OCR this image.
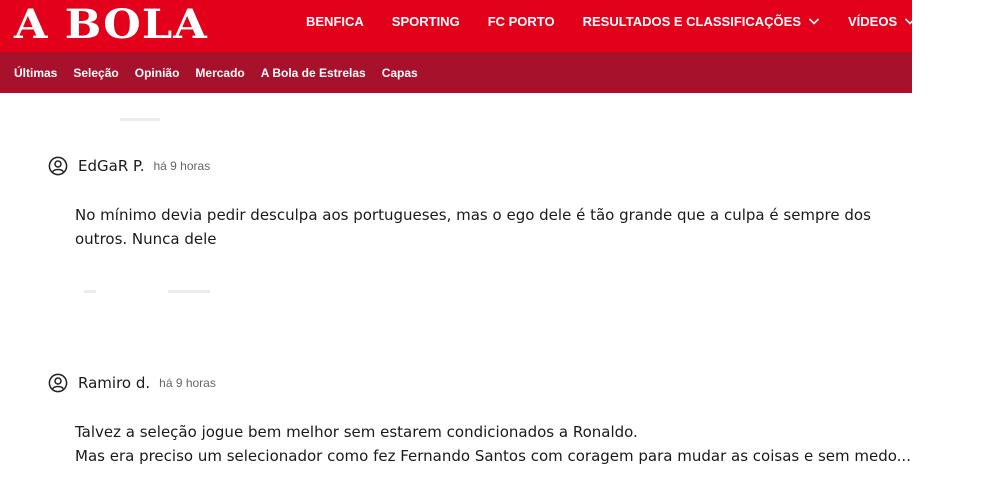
A BOLA	BENFICA SPORTING FC PORTO RESULTADOS E CLASSIFICAÇÕES	VÍDEOS	MO
Últimas Seleção Opinião Mercado A Bola de Estrelas Capas
EdGaR P. há 9 horas
No mínimo devia pedir desculpa aos portugueses, mas o ego dele é tão grande que a culpa é sempre dos
outros. Nunca dele
Ramiro d. há 9 horas
Talvez a seleção jogue bem melhor sem estarem condicionados a Ronaldo.
Mas era preciso um selecionador como fez Fernando Santos com coragem para mudar as coisas e sem medo...
